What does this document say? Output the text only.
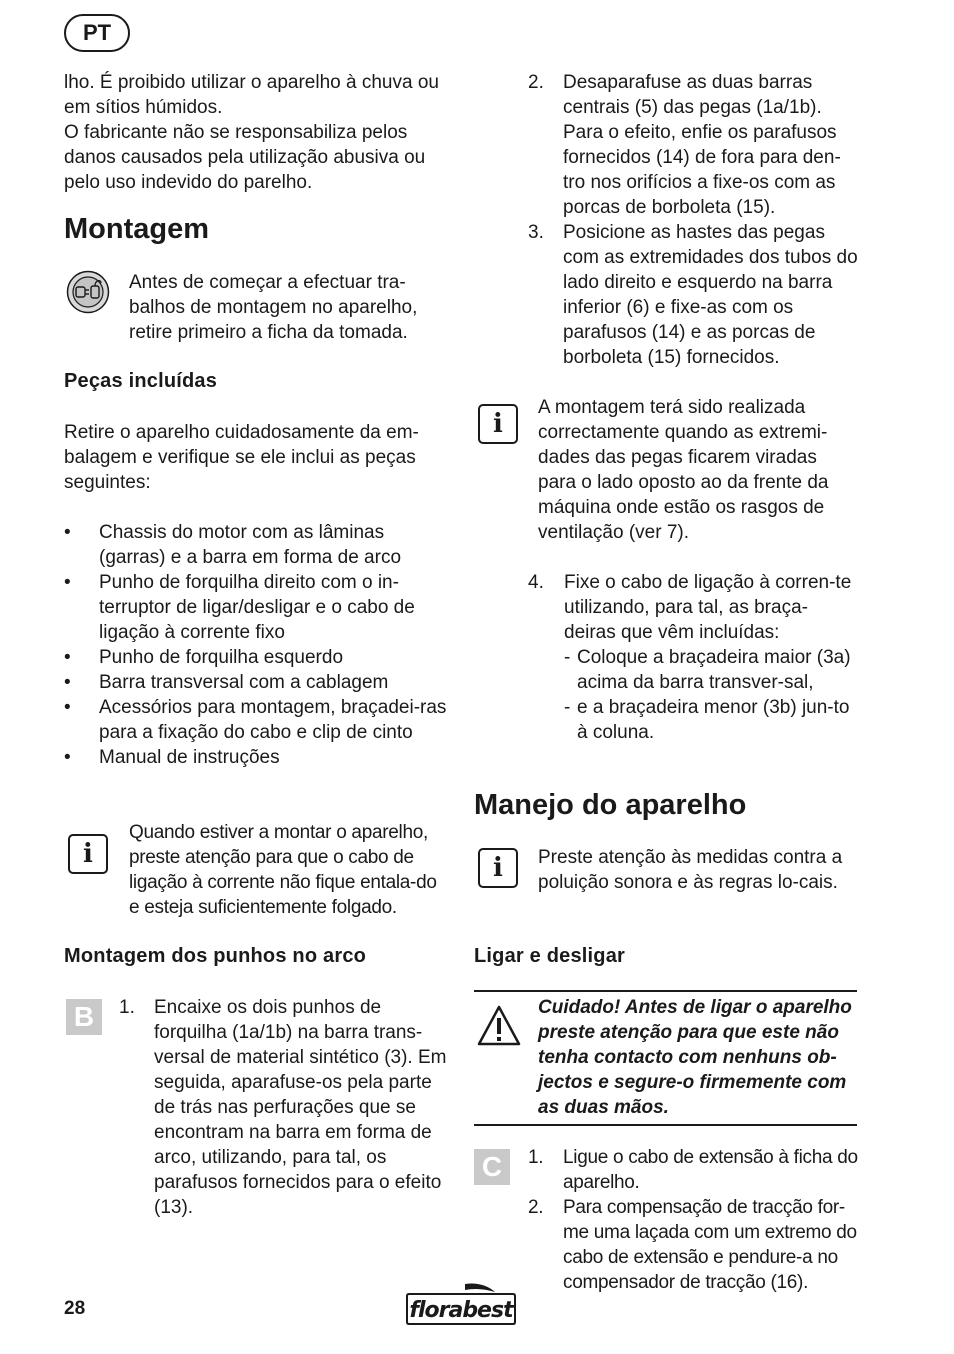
PT

lho. É proibido utilizar o aparelho à chuva ou em sítios húmidos.

O fabricante não se responsabiliza pelos danos causados pela utilização abusiva ou pelo uso indevido do parelho.

Montagem
Antes de começar a efectuar tra-balhos de montagem no aparelho, retire primeiro a ficha da tomada.
Peças incluídas
Retire o aparelho cuidadosamente da em-balagem e verifique se ele inclui as peças seguintes:
• Chassis do motor com as lâminas (garras) e a barra em forma de arco
• Punho de forquilha direito com o in-terruptor de ligar/desligar e o cabo de ligação à corrente fixo
• Punho de forquilha esquerdo
• Barra transversal com a cablagem
• Acessórios para montagem, braçadei-ras para a fixação do cabo e clip de cinto
• Manual de instruções
i
Quando estiver a montar o aparelho, preste atenção para que o cabo de ligação à corrente não fique entala-do e esteja suficientemente folgado.
Montagem dos punhos no arco
B	1. Encaixe os dois punhos de forquilha (1a/1b) na barra trans-versal de material sintético (3). Em seguida, aparafuse-os pela parte de trás nas perfurações que se encontram na barra em forma de arco, utilizando, para tal, os parafusos fornecidos para o efeito (13).
2. Desaparafuse as duas barras centrais (5) das pegas (1a/1b). Para o efeito, enfie os parafusos fornecidos (14) de fora para den-tro nos orifícios a fixe-os com as porcas de borboleta (15).
3. Posicione as hastes das pegas com as extremidades dos tubos do lado direito e esquerdo na barra inferior (6) e fixe-as com os parafusos (14) e as porcas de borboleta (15) fornecidos.
i
A montagem terá sido realizada correctamente quando as extremi-dades das pegas ficarem viradas para o lado oposto ao da frente da máquina onde estão os rasgos de ventilação (ver 7).
4. Fixe o cabo de ligação à corren-te utilizando, para tal, as braça-deiras que vêm incluídas:
- Coloque a braçadeira maior (3a) acima da barra transver-sal,
- e a braçadeira menor (3b) jun-to à coluna.
Manejo do aparelho
i	Preste atenção às medidas contra a poluição sonora e às regras lo-cais.
Ligar e desligar
Cuidado! Antes de ligar o aparelho preste atenção para que este não tenha contacto com nenhuns ob-jectos e segure-o firmemente com as duas mãos.
C	1. Ligue o cabo de extensão à ficha do aparelho.
2. Para compensação de tracção for-me uma laçada com um extremo do cabo de extensão e pendure-a no compensador de tracção (16).
28	florabest
